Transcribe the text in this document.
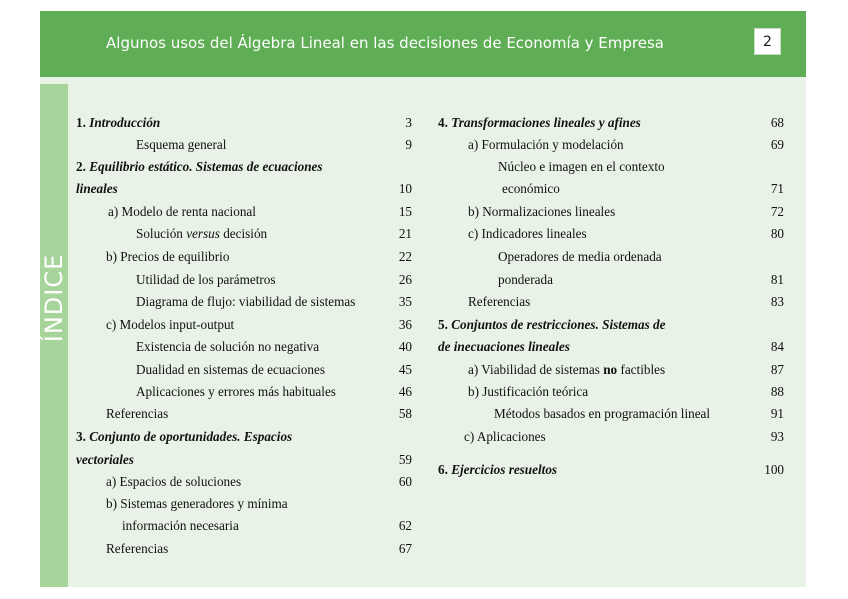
Algunos usos del Álgebra Lineal en las decisiones de Economía y Empresa	2
ÍNDICE
1. Introducción	3
Esquema general	9
2. Equilibrio estático. Sistemas de ecuaciones
lineales	10
a) Modelo de renta nacional	15
Solución versus decisión	21
b) Precios de equilibrio	22
Utilidad de los parámetros	26
Diagrama de flujo: viabilidad de sistemas	35
c) Modelos input-output	36
Existencia de solución no negativa	40
Dualidad en sistemas de ecuaciones	45
Aplicaciones y errores más habituales	46
Referencias	58
3. Conjunto de oportunidades. Espacios
vectoriales	59
a) Espacios de soluciones	60
b) Sistemas generadores y mínima
información necesaria	62
Referencias	67
4. Transformaciones lineales y afines	68
a) Formulación y modelación	69
Núcleo e imagen en el contexto
económico	71
b) Normalizaciones lineales	72
c) Indicadores lineales	80
Operadores de media ordenada
ponderada	81
Referencias	83
5. Conjuntos de restricciones. Sistemas de
de inecuaciones lineales	84
a) Viabilidad de sistemas no factibles	87
b) Justificación teórica	88
Métodos basados en programación lineal	91
c) Aplicaciones	93
6. Ejercicios resueltos	100
